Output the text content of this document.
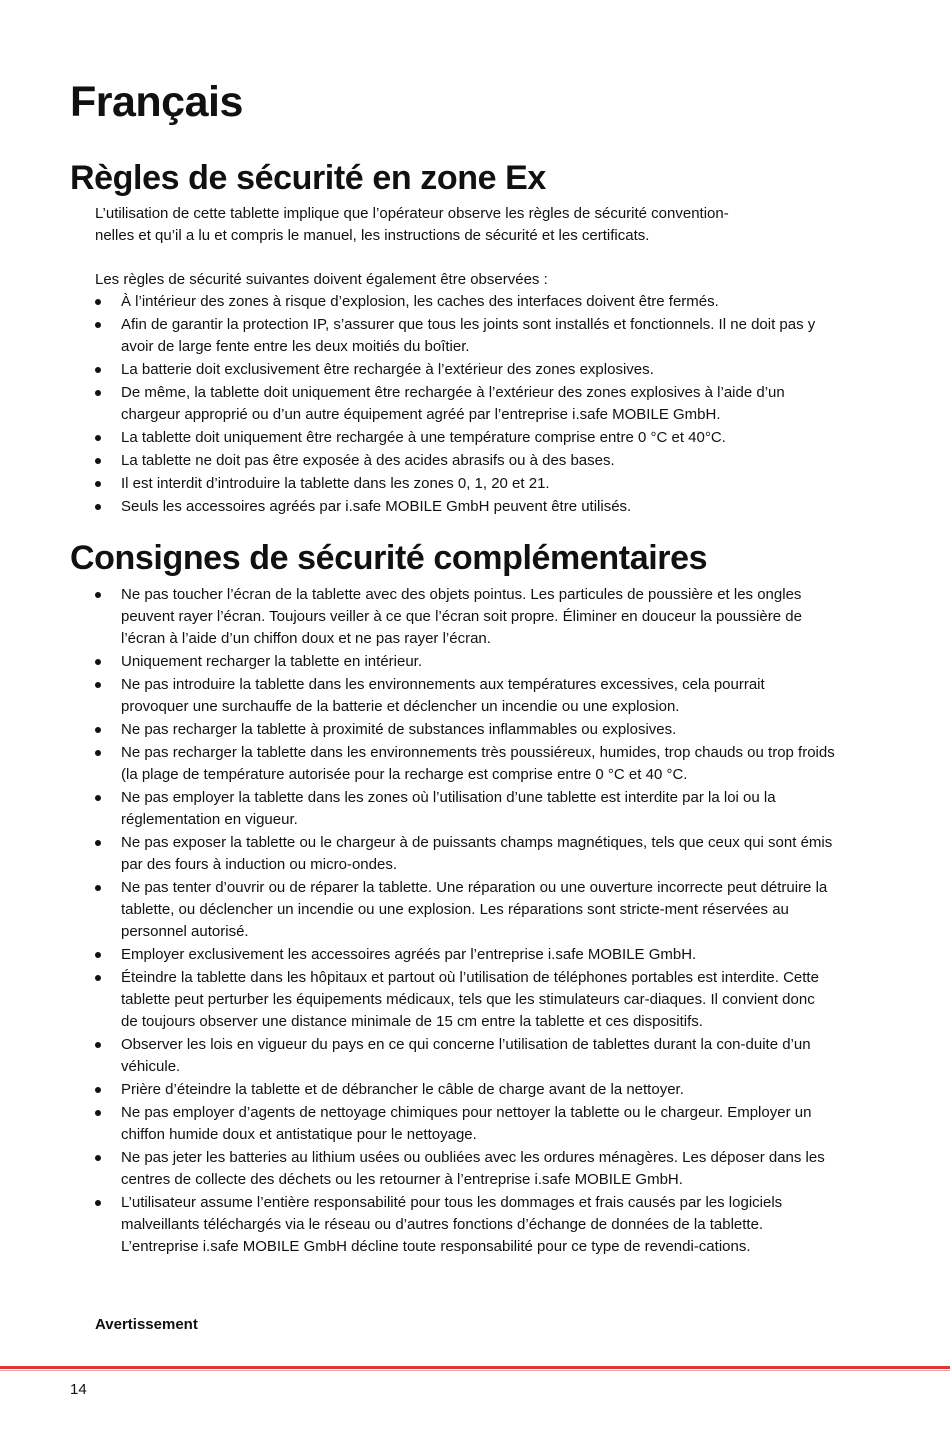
Français
Règles de sécurité en zone Ex

L’utilisation de cette tablette implique que l’opérateur observe les règles de sécurité convention-
nelles et qu’il a lu et compris le manuel, les instructions de sécurité et les certificats.

Les règles de sécurité suivantes doivent également être observées :

À l’intérieur des zones à risque d’explosion, les caches des interfaces doivent être fermés.
Afin de garantir la protection IP, s’assurer que tous les joints sont installés et fonctionnels. Il ne doit pas y avoir de large fente entre les deux moitiés du boîtier.
La batterie doit exclusivement être rechargée à l’extérieur des zones explosives.
De même, la tablette doit uniquement être rechargée à l’extérieur des zones explosives à l’aide d’un chargeur approprié ou d’un autre équipement agréé par l’entreprise i.safe MOBILE GmbH.
La tablette doit uniquement être rechargée à une température comprise entre 0 °C et 40°C.
La tablette ne doit pas être exposée à des acides abrasifs ou à des bases.
Il est interdit d’introduire la tablette dans les zones 0, 1, 20 et 21.
Seuls les accessoires agréés par i.safe MOBILE GmbH peuvent être utilisés.
Consignes de sécurité complémentaires
Ne pas toucher l’écran de la tablette avec des objets pointus. Les particules de poussière et les ongles peuvent rayer l’écran. Toujours veiller à ce que l’écran soit propre. Éliminer en douceur la poussière de l’écran à l’aide d’un chiffon doux et ne pas rayer l’écran.
Uniquement recharger la tablette en intérieur.
Ne pas introduire la tablette dans les environnements aux températures excessives, cela pourrait provoquer une surchauffe de la batterie et déclencher un incendie ou une explosion.
Ne pas recharger la tablette à proximité de substances inflammables ou explosives.
Ne pas recharger la tablette dans les environnements très poussiéreux, humides, trop chauds ou trop froids (la plage de température autorisée pour la recharge est comprise entre 0 °C et 40 °C.
Ne pas employer la tablette dans les zones où l’utilisation d’une tablette est interdite par la loi ou la réglementation en vigueur.
Ne pas exposer la tablette ou le chargeur à de puissants champs magnétiques, tels que ceux qui sont émis par des fours à induction ou micro-ondes.
Ne pas tenter d’ouvrir ou de réparer la tablette. Une réparation ou une ouverture incorrecte peut détruire la tablette, ou déclencher un incendie ou une explosion. Les réparations sont stricte-ment réservées au personnel autorisé.
Employer exclusivement les accessoires agréés par l’entreprise i.safe MOBILE GmbH.
Éteindre la tablette dans les hôpitaux et partout où l’utilisation de téléphones portables est interdite. Cette tablette peut perturber les équipements médicaux, tels que les stimulateurs car-diaques. Il convient donc de toujours observer une distance minimale de 15 cm entre la tablette et ces dispositifs.
Observer les lois en vigueur du pays en ce qui concerne l’utilisation de tablettes durant la con-duite d’un véhicule.
Prière d’éteindre la tablette et de débrancher le câble de charge avant de la nettoyer.
Ne pas employer d’agents de nettoyage chimiques pour nettoyer la tablette ou le chargeur. Employer un chiffon humide doux et antistatique pour le nettoyage.
Ne pas jeter les batteries au lithium usées ou oubliées avec les ordures ménagères. Les déposer dans les centres de collecte des déchets ou les retourner à l’entreprise i.safe MOBILE GmbH.
L’utilisateur assume l’entière responsabilité pour tous les dommages et frais causés par les logiciels malveillants téléchargés via le réseau ou d’autres fonctions d’échange de données de la tablette. L’entreprise i.safe MOBILE GmbH décline toute responsabilité pour ce type de revendi-cations.
Avertissement
14
